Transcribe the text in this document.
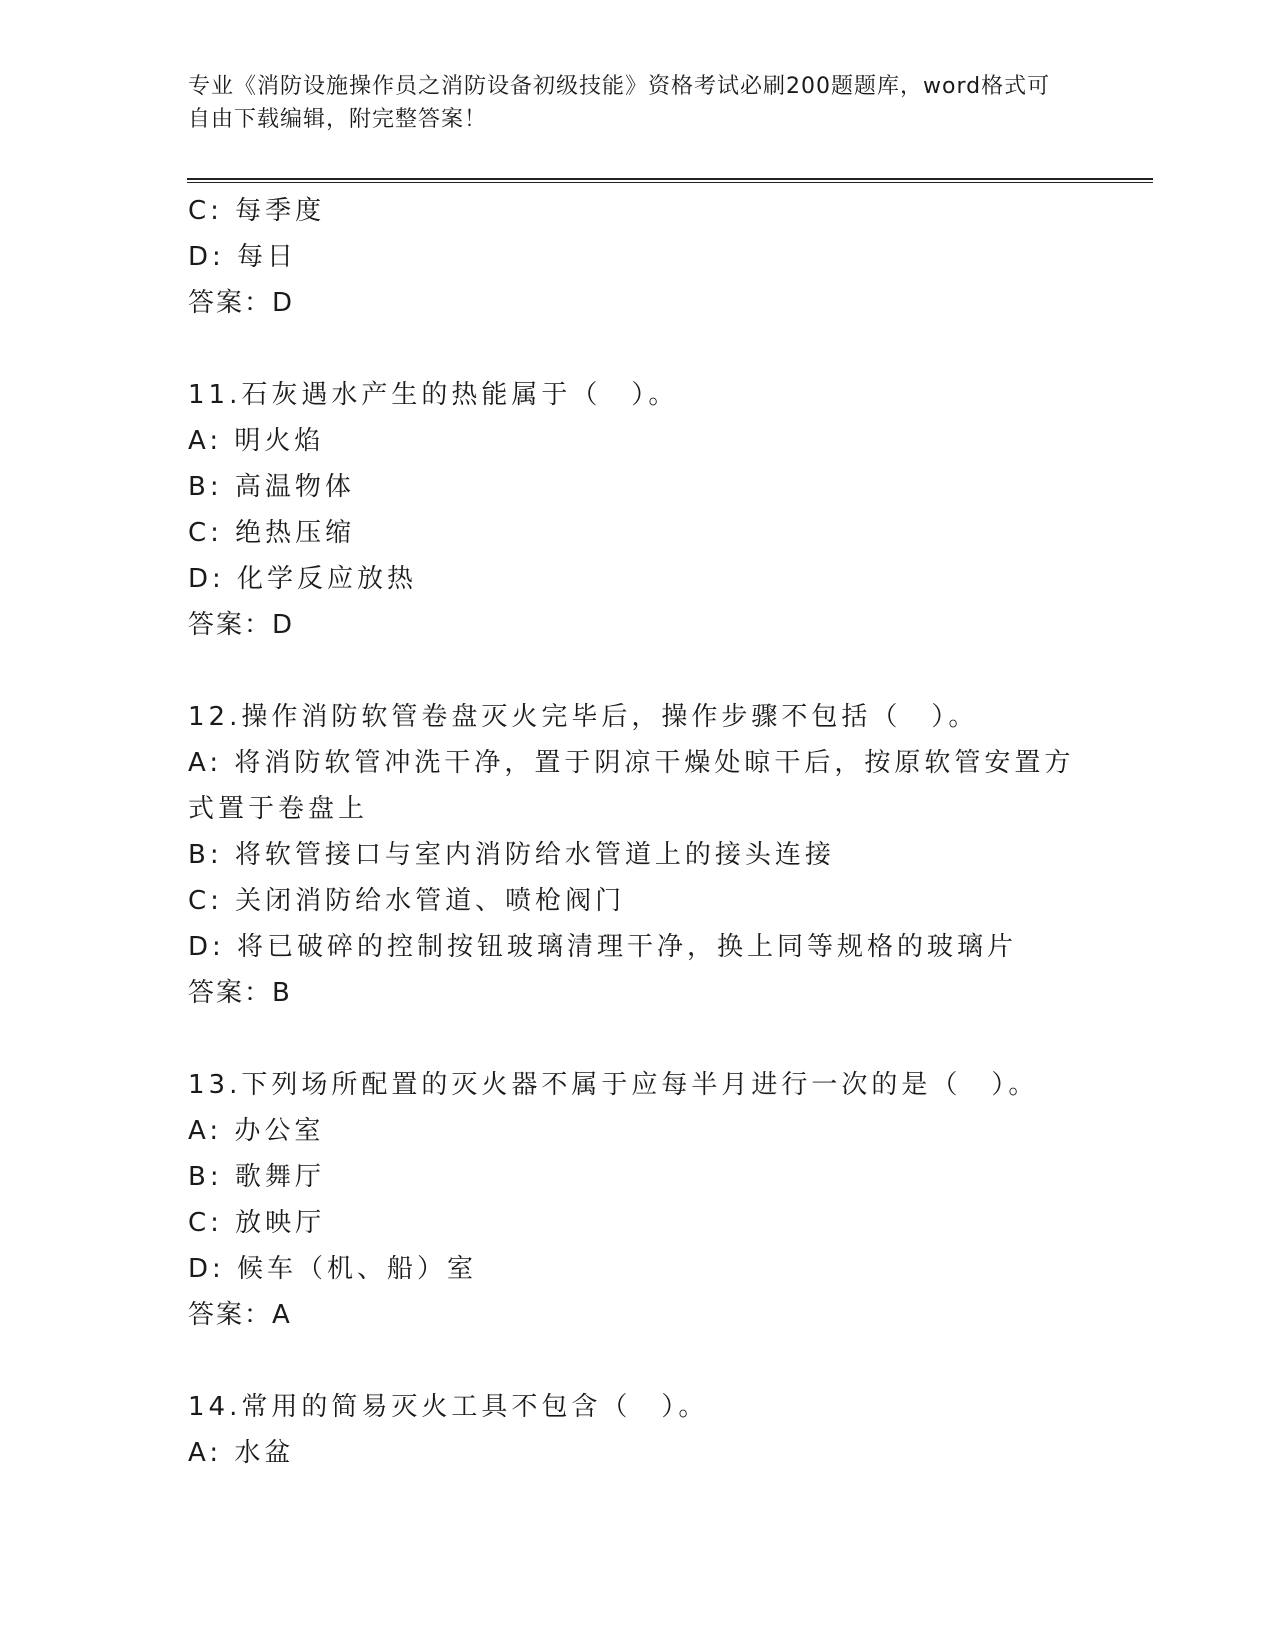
专业《消防设施操作员之消防设备初级技能》资格考试必刷200题题库，word格式可自由下载编辑，附完整答案！
C: 每季度
D: 每日
答案：D
11.石灰遇水产生的热能属于（　）。
A: 明火焰
B: 高温物体
C: 绝热压缩
D: 化学反应放热
答案：D
12.操作消防软管卷盘灭火完毕后，操作步骤不包括（　）。
A: 将消防软管冲洗干净，置于阴凉干燥处晾干后，按原软管安置方式置于卷盘上
B: 将软管接口与室内消防给水管道上的接头连接
C: 关闭消防给水管道、喷枪阀门
D: 将已破碎的控制按钮玻璃清理干净，换上同等规格的玻璃片
答案：B
13.下列场所配置的灭火器不属于应每半月进行一次的是（　）。
A: 办公室
B: 歌舞厅
C: 放映厅
D: 候车（机、船）室
答案：A
14.常用的简易灭火工具不包含（　）。
A: 水盆
